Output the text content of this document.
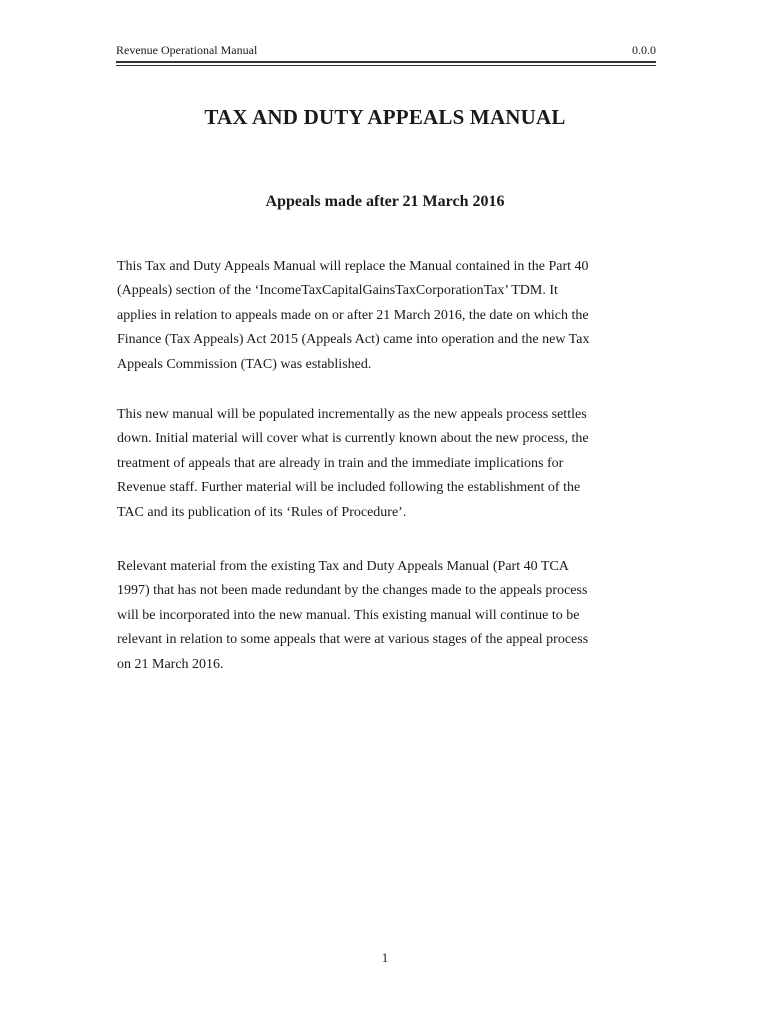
Revenue Operational Manual	0.0.0
TAX AND DUTY APPEALS MANUAL
Appeals made after 21 March 2016

This Tax and Duty Appeals Manual will replace the Manual contained in the Part 40
(Appeals) section of the ‘IncomeTaxCapitalGainsTaxCorporationTax’ TDM. It
applies in relation to appeals made on or after 21 March 2016, the date on which the
Finance (Tax Appeals) Act 2015 (Appeals Act) came into operation and the new Tax
Appeals Commission (TAC) was established.

This new manual will be populated incrementally as the new appeals process settles
down. Initial material will cover what is currently known about the new process, the
treatment of appeals that are already in train and the immediate implications for
Revenue staff. Further material will be included following the establishment of the
TAC and its publication of its ‘Rules of Procedure’.

Relevant material from the existing Tax and Duty Appeals Manual (Part 40 TCA
1997) that has not been made redundant by the changes made to the appeals process
will be incorporated into the new manual. This existing manual will continue to be
relevant in relation to some appeals that were at various stages of the appeal process
on 21 March 2016.

1
